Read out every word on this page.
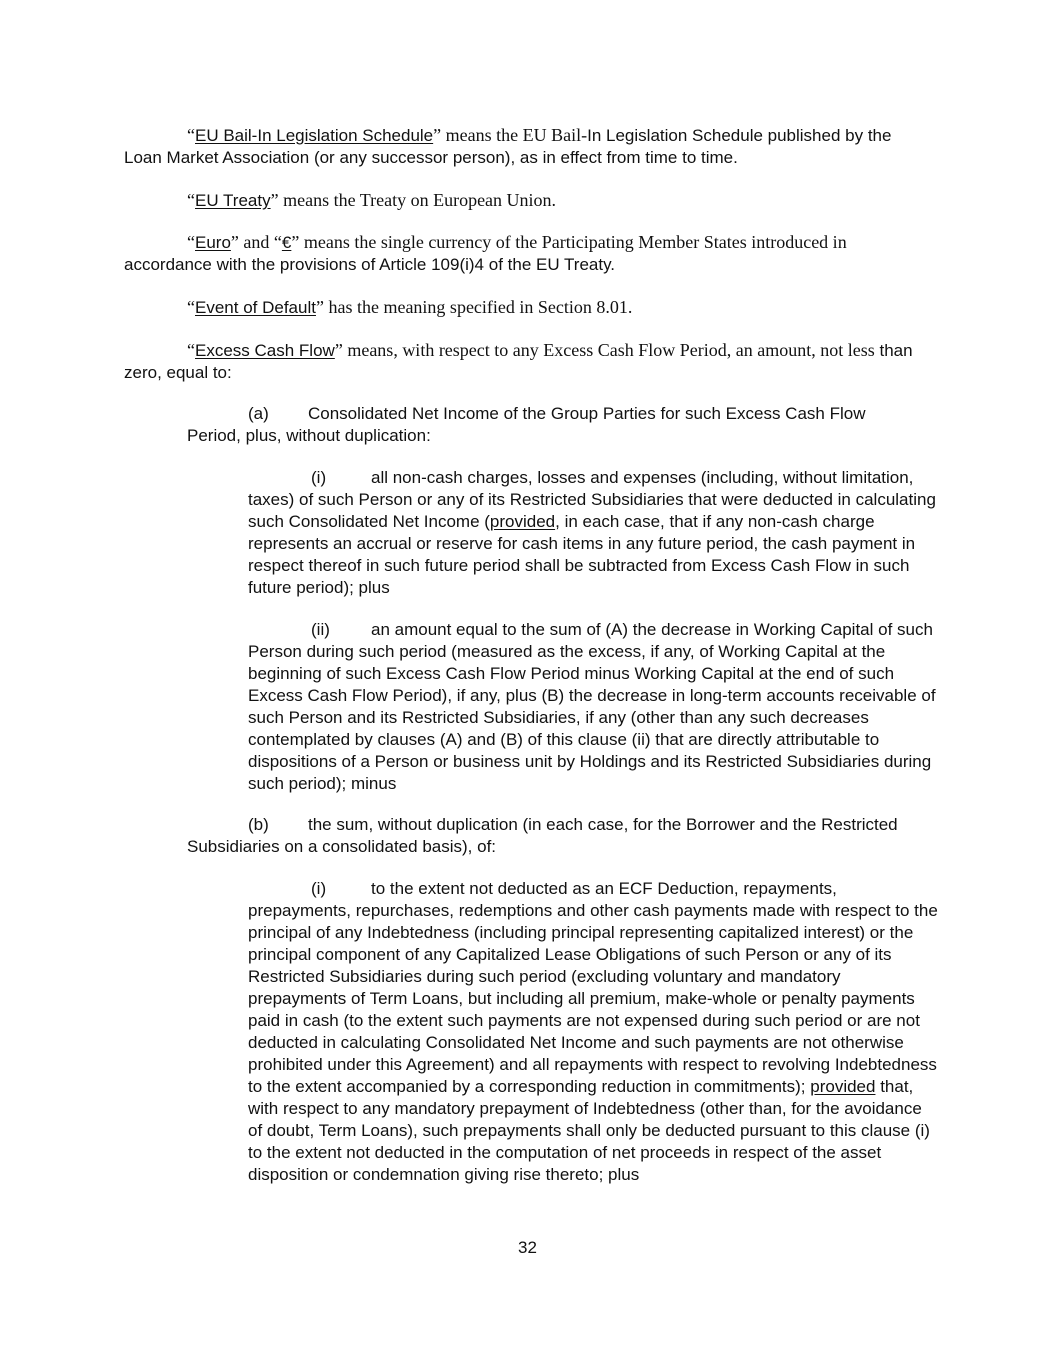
“EU Bail-In Legislation Schedule” means the EU Bail-In Legislation Schedule published by the Loan Market Association (or any successor person), as in effect from time to time.

“EU Treaty” means the Treaty on European Union.

“Euro” and “€” means the single currency of the Participating Member States introduced in accordance with the provisions of Article 109(i)4 of the EU Treaty.

“Event of Default” has the meaning specified in Section 8.01.

“Excess Cash Flow” means, with respect to any Excess Cash Flow Period, an amount, not less than zero, equal to:

(a) Consolidated Net Income of the Group Parties for such Excess Cash Flow Period, plus, without duplication:

(i)	all non-cash charges, losses and expenses (including, without limitation, taxes) of such Person or any of its Restricted Subsidiaries that were deducted in calculating such Consolidated Net Income (provided, in each case, that if any non-cash charge represents an accrual or reserve for cash items in any future period, the cash payment in respect thereof in such future period shall be subtracted from Excess Cash Flow in such future period); plus

(ii) an amount equal to the sum of (A) the decrease in Working Capital of such Person during such period (measured as the excess, if any, of Working Capital at the beginning of such Excess Cash Flow Period minus Working Capital at the end of such Excess Cash Flow Period), if any, plus (B) the decrease in long-term accounts receivable of such Person and its Restricted Subsidiaries, if any (other than any such decreases contemplated by clauses (A) and (B) of this clause (ii) that are directly attributable to dispositions of a Person or business unit by Holdings and its Restricted Subsidiaries during such period); minus

(b) the sum, without duplication (in each case, for the Borrower and the Restricted Subsidiaries on a consolidated basis), of:

(i)	to the extent not deducted as an ECF Deduction, repayments, prepayments, repurchases, redemptions and other cash payments made with respect to the principal of any Indebtedness (including principal representing capitalized interest) or the principal component of any Capitalized Lease Obligations of such Person or any of its Restricted Subsidiaries during such period (excluding voluntary and mandatory prepayments of Term Loans, but including all premium, make-whole or penalty payments paid in cash (to the extent such payments are not expensed during such period or are not deducted in calculating Consolidated Net Income and such payments are not otherwise prohibited under this Agreement) and all repayments with respect to revolving Indebtedness to the extent accompanied by a corresponding reduction in commitments); provided that, with respect to any mandatory prepayment of Indebtedness (other than, for the avoidance of doubt, Term Loans), such prepayments shall only be deducted pursuant to this clause (i) to the extent not deducted in the computation of net proceeds in respect of the asset disposition or condemnation giving rise thereto; plus

32
